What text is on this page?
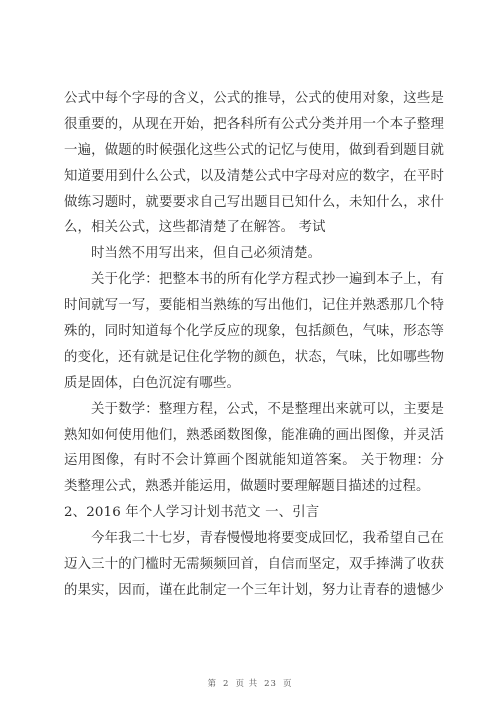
公式中每个字母的含义，公式的推导，公式的使用对象，这些是
很重要的，从现在开始，把各科所有公式分类并用一个本子整理
一遍，做题的时候强化这些公式的记忆与使用，做到看到题目就
知道要用到什么公式，以及清楚公式中字母对应的数字，在平时
做练习题时，就要要求自己写出题目已知什么，未知什么，求什
么，相关公式，这些都清楚了在解答。 考试
时当然不用写出来，但自己必须清楚。
关于化学：把整本书的所有化学方程式抄一遍到本子上，有
时间就写一写，要能相当熟练的写出他们，记住并熟悉那几个特
殊的，同时知道每个化学反应的现象，包括颜色，气味，形态等
的变化，还有就是记住化学物的颜色，状态，气味，比如哪些物
质是固体，白色沉淀有哪些。
关于数学：整理方程，公式，不是整理出来就可以，主要是
熟知如何使用他们，熟悉函数图像，能准确的画出图像，并灵活
运用图像，有时不会计算画个图就能知道答案。 关于物理：分
类整理公式，熟悉并能运用，做题时要理解题目描述的过程。
2、2016 年个人学习计划书范文 一、引言
今年我二十七岁，青春慢慢地将要变成回忆，我希望自己在
迈入三十的门槛时无需频频回首，自信而坚定，双手捧满了收获
的果实，因而，谨在此制定一个三年计划，努力让青春的遗憾少
第 2 页 共 23 页
